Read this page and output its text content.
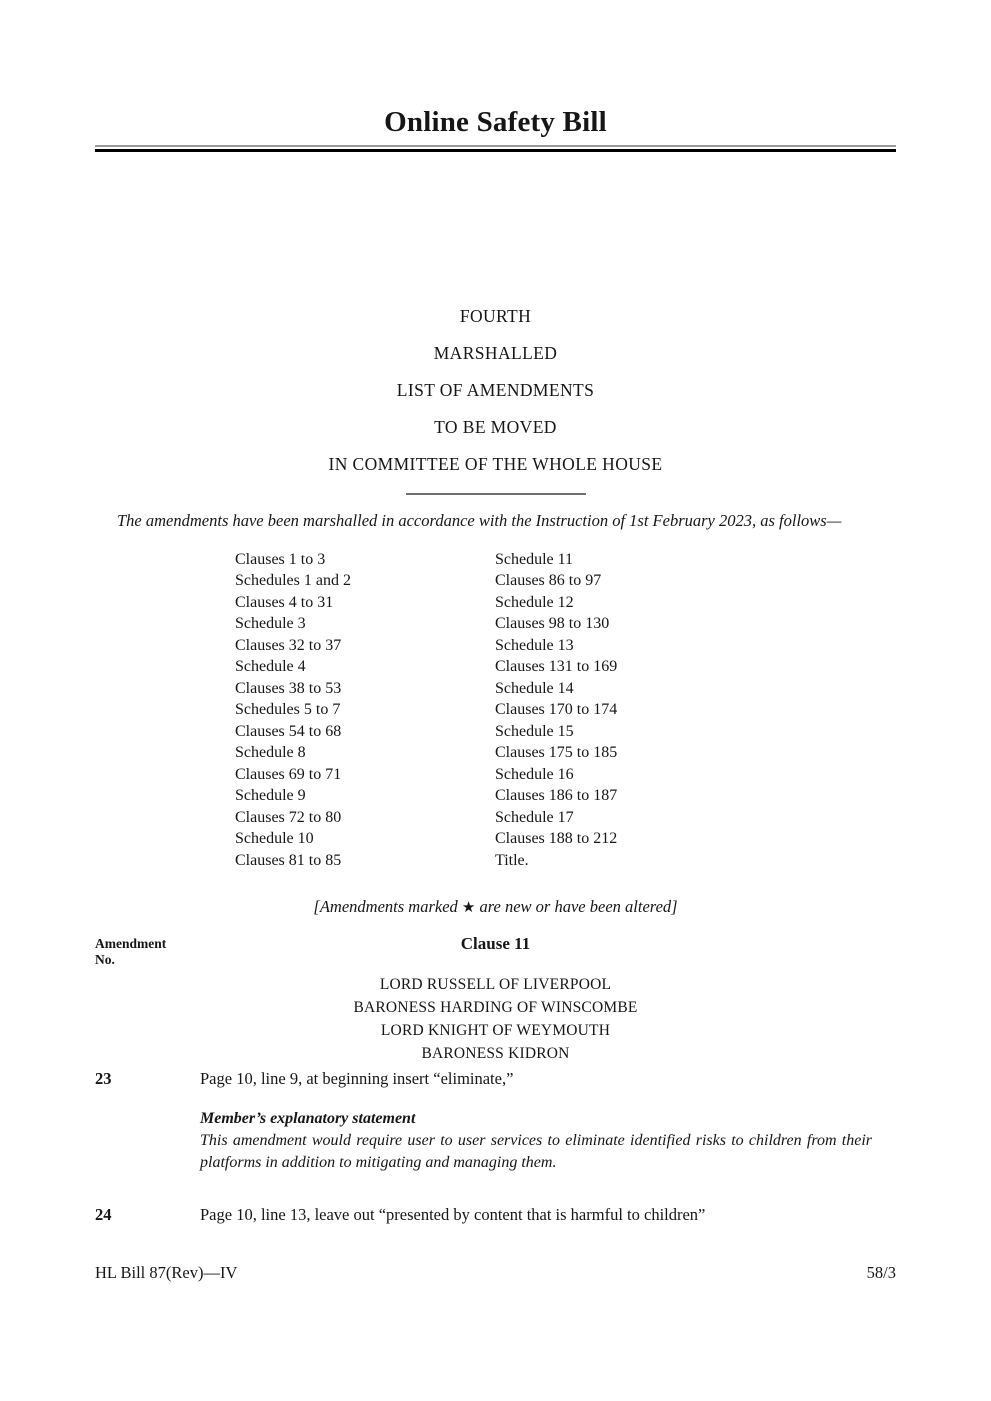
Online Safety Bill
FOURTH
MARSHALLED
LIST OF AMENDMENTS
TO BE MOVED
IN COMMITTEE OF THE WHOLE HOUSE

The amendments have been marshalled in accordance with the Instruction of 1st February 2023, as follows—

Clauses 1 to 3
Schedules 1 and 2
Clauses 4 to 31
Schedule 3
Clauses 32 to 37
Schedule 4
Clauses 38 to 53
Schedules 5 to 7
Clauses 54 to 68
Schedule 8
Clauses 69 to 71
Schedule 9
Clauses 72 to 80
Schedule 10
Clauses 81 to 85
Schedule 11
Clauses 86 to 97
Schedule 12
Clauses 98 to 130
Schedule 13
Clauses 131 to 169
Schedule 14
Clauses 170 to 174
Schedule 15
Clauses 175 to 185
Schedule 16
Clauses 186 to 187
Schedule 17
Clauses 188 to 212
Title.
[Amendments marked ★ are new or have been altered]
Amendment
No.
Clause 11
LORD RUSSELL OF LIVERPOOL
BARONESS HARDING OF WINSCOMBE
LORD KNIGHT OF WEYMOUTH
BARONESS KIDRON
23	Page 10, line 9, at beginning insert “eliminate,”
Member’s explanatory statement
This amendment would require user to user services to eliminate identified risks to children from their platforms in addition to mitigating and managing them.
24	Page 10, line 13, leave out “presented by content that is harmful to children”
HL Bill 87(Rev)—IV	58/3
